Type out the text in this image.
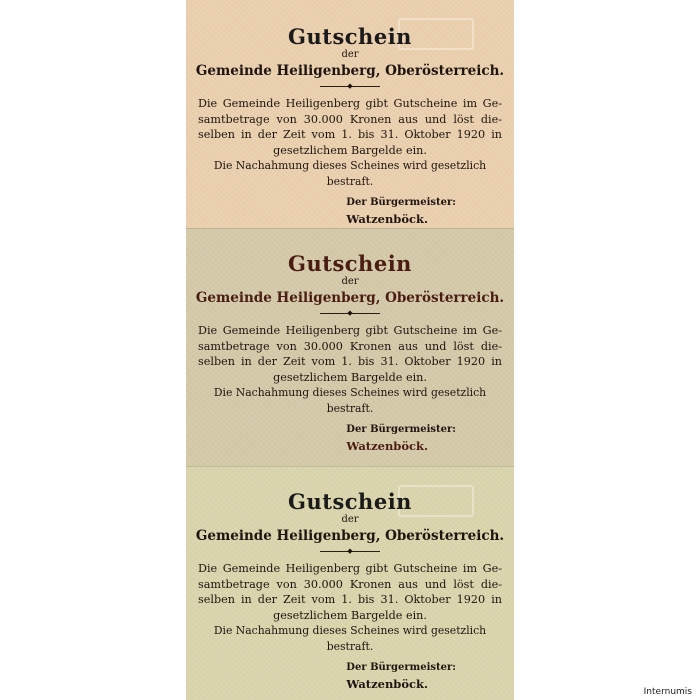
Gutschein
der
Gemeinde Heiligenberg, Oberösterreich.
◆
Die Gemeinde Heiligenberg gibt Gutscheine im Ge-
samtbetrage von 30.000 Kronen aus und löst die-
selben in der Zeit vom 1. bis 31. Oktober 1920 in
gesetzlichem Bargelde ein.
Die Nachahmung dieses Scheines wird gesetzlich bestraft.
Der Bürgermeister:
Watzenböck.
Gutschein
der
Gemeinde Heiligenberg, Oberösterreich.
◆
Die Gemeinde Heiligenberg gibt Gutscheine im Ge-
samtbetrage von 30.000 Kronen aus und löst die-
selben in der Zeit vom 1. bis 31. Oktober 1920 in
gesetzlichem Bargelde ein.
Die Nachahmung dieses Scheines wird gesetzlich bestraft.
Der Bürgermeister:
Watzenböck.
Gutschein
der
Gemeinde Heiligenberg, Oberösterreich.
◆
Die Gemeinde Heiligenberg gibt Gutscheine im Ge-
samtbetrage von 30.000 Kronen aus und löst die-
selben in der Zeit vom 1. bis 31. Oktober 1920 in
gesetzlichem Bargelde ein.
Die Nachahmung dieses Scheines wird gesetzlich bestraft.
Der Bürgermeister:
Watzenböck.
Internumis
